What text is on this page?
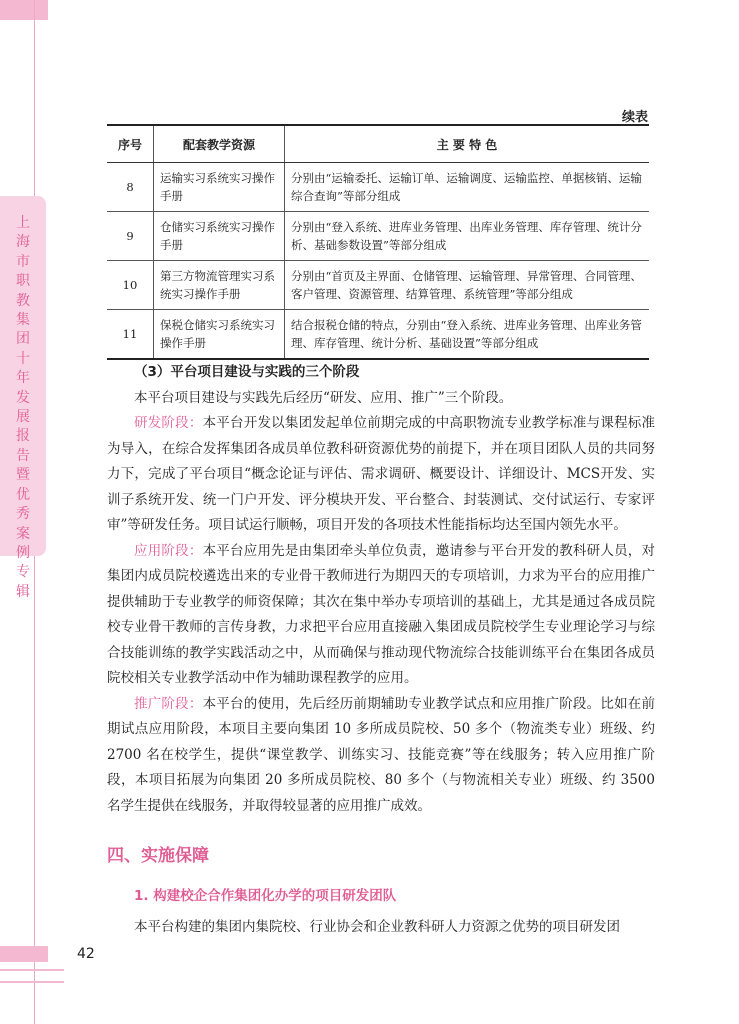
上海市职教集团十年发展报告暨优秀案例专辑
续表
序号	配套教学资源	主 要 特 色
8	运输实习系统实习操作手册	分别由“运输委托、运输订单、运输调度、运输监控、单据核销、运输综合查询”等部分组成
9	仓储实习系统实习操作手册	分别由“登入系统、进库业务管理、出库业务管理、库存管理、统计分析、基础参数设置”等部分组成
10	第三方物流管理实习系统实习操作手册	分别由“首页及主界面、仓储管理、运输管理、异常管理、合同管理、客户管理、资源管理、结算管理、系统管理”等部分组成
11	保税仓储实习系统实习操作手册	结合报税仓储的特点，分别由“登入系统、进库业务管理、出库业务管理、库存管理、统计分析、基础设置”等部分组成

（3）平台项目建设与实践的三个阶段

本平台项目建设与实践先后经历“研发、应用、推广”三个阶段。

研发阶段：本平台开发以集团发起单位前期完成的中高职物流专业教学标准与课程标准为导入，在综合发挥集团各成员单位教科研资源优势的前提下，并在项目团队人员的共同努力下，完成了平台项目“概念论证与评估、需求调研、概要设计、详细设计、MCS开发、实训子系统开发、统一门户开发、评分模块开发、平台整合、封装测试、交付试运行、专家评审”等研发任务。项目试运行顺畅，项目开发的各项技术性能指标均达至国内领先水平。

应用阶段：本平台应用先是由集团牵头单位负责，邀请参与平台开发的教科研人员，对集团内成员院校遴选出来的专业骨干教师进行为期四天的专项培训，力求为平台的应用推广提供辅助于专业教学的师资保障；其次在集中举办专项培训的基础上，尤其是通过各成员院校专业骨干教师的言传身教，力求把平台应用直接融入集团成员院校学生专业理论学习与综合技能训练的教学实践活动之中，从而确保与推动现代物流综合技能训练平台在集团各成员院校相关专业教学活动中作为辅助课程教学的应用。

推广阶段：本平台的使用，先后经历前期辅助专业教学试点和应用推广阶段。比如在前期试点应用阶段，本项目主要向集团 10 多所成员院校、50 多个（物流类专业）班级、约 2700 名在校学生，提供“课堂教学、训练实习、技能竞赛”等在线服务；转入应用推广阶段，本项目拓展为向集团 20 多所成员院校、80 多个（与物流相关专业）班级、约 3500 名学生提供在线服务，并取得较显著的应用推广成效。

四、实施保障
1. 构建校企合作集团化办学的项目研发团队

本平台构建的集团内集院校、行业协会和企业教科研人力资源之优势的项目研发团

42
